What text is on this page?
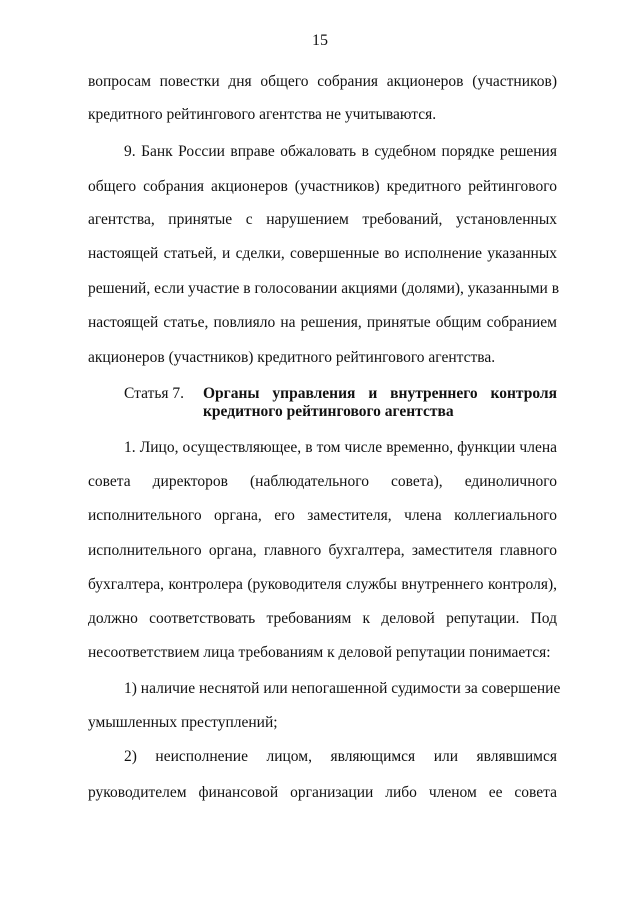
15
вопросам повестки дня общего собрания акционеров (участников)
кредитного рейтингового агентства не учитываются.
9. Банк России вправе обжаловать в судебном порядке решения
общего собрания акционеров (участников) кредитного рейтингового
агентства, принятые с нарушением требований, установленных
настоящей статьей, и сделки, совершенные во исполнение указанных
решений, если участие в голосовании акциями (долями), указанными в
настоящей статье, повлияло на решения, принятые общим собранием
акционеров (участников) кредитного рейтингового агентства.
Статья 7.	Органы управления и внутреннего контроля
кредитного рейтингового агентства
1. Лицо, осуществляющее, в том числе временно, функции члена
совета директоров (наблюдательного совета), единоличного
исполнительного органа, его заместителя, члена коллегиального
исполнительного органа, главного бухгалтера, заместителя главного
бухгалтера, контролера (руководителя службы внутреннего контроля),
должно соответствовать требованиям к деловой репутации. Под
несоответствием лица требованиям к деловой репутации понимается:
1) наличие неснятой или непогашенной судимости за совершение
умышленных преступлений;
2) неисполнение лицом, являющимся или являвшимся
руководителем финансовой организации либо членом ее совета
